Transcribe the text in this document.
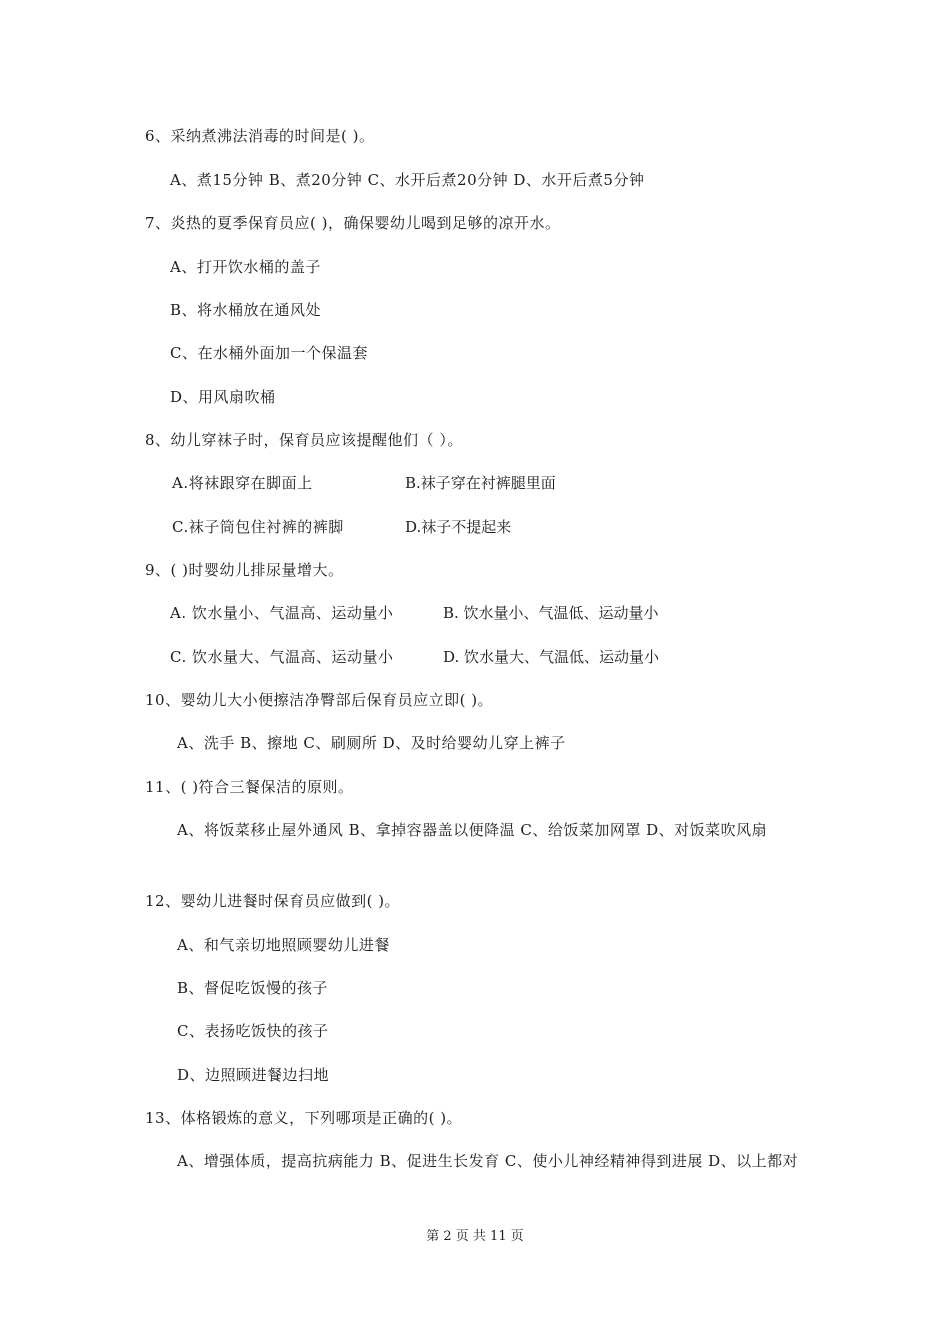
6、采纳煮沸法消毒的时间是( )。
A、煮15分钟 B、煮20分钟 C、水开后煮20分钟 D、水开后煮5分钟
7、炎热的夏季保育员应( )，确保婴幼儿喝到足够的凉开水。
A、打开饮水桶的盖子
B、将水桶放在通风处
C、在水桶外面加一个保温套
D、用风扇吹桶
8、幼儿穿袜子时，保育员应该提醒他们（ ）。
A.将袜跟穿在脚面上	B.袜子穿在衬裤腿里面
C.袜子筒包住衬裤的裤脚	D.袜子不提起来
9、( )时婴幼儿排尿量增大。
A. 饮水量小、气温高、运动量小	B. 饮水量小、气温低、运动量小
C. 饮水量大、气温高、运动量小	D. 饮水量大、气温低、运动量小
10、婴幼儿大小便擦洁净臀部后保育员应立即( )。
A、洗手 B、擦地 C、刷厕所 D、及时给婴幼儿穿上裤子
11、( )符合三餐保洁的原则。
A、将饭菜移止屋外通风 B、拿掉容器盖以便降温 C、给饭菜加网罩 D、对饭菜吹风扇
12、婴幼儿进餐时保育员应做到( )。
A、和气亲切地照顾婴幼儿进餐
B、督促吃饭慢的孩子
C、表扬吃饭快的孩子
D、边照顾进餐边扫地
13、体格锻炼的意义，下列哪项是正确的( )。
A、增强体质，提高抗病能力 B、促进生长发育 C、使小儿神经精神得到进展 D、以上都对
第 2 页 共 11 页
